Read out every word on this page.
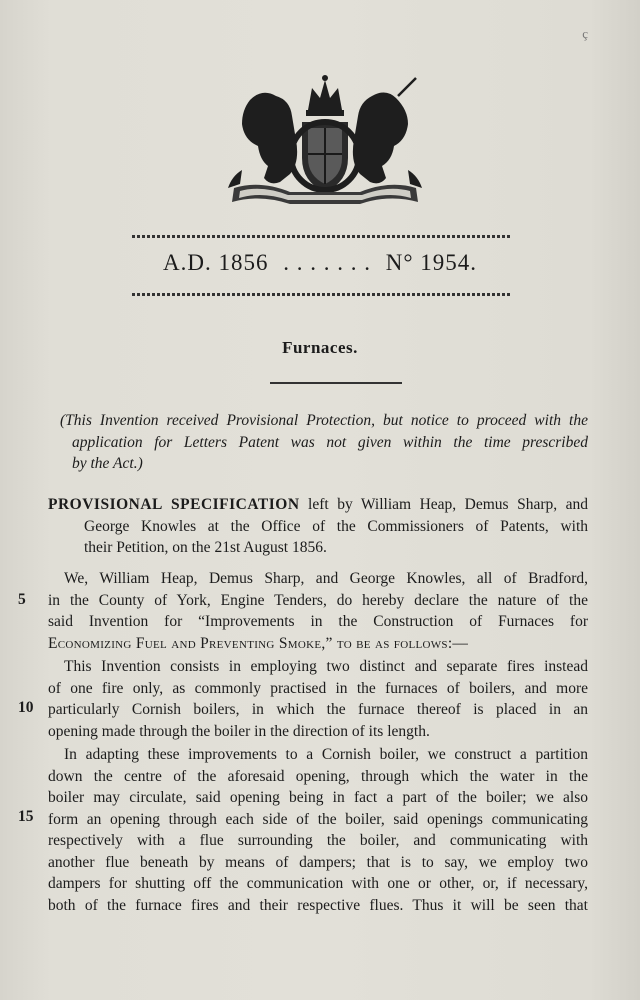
ç
A.D. 1856 . . . . . . . N° 1954.
Furnaces.
(This Invention received Provisional Protection, but notice to proceed with the
application for Letters Patent was not given within the time prescribed
by the Act.)
PROVISIONAL SPECIFICATION left by William Heap, Demus Sharp, and
George Knowles at the Office of the Commissioners of Patents, with
their Petition, on the 21st August 1856.
We, William Heap, Demus Sharp, and George Knowles, all of Bradford,
in the County of York, Engine Tenders, do hereby declare the nature of the
said Invention for “Improvements in the Construction of Furnaces for
Economizing Fuel and Preventing Smoke,” to be as follows:—
This Invention consists in employing two distinct and separate fires instead
of one fire only, as commonly practised in the furnaces of boilers, and more
particularly Cornish boilers, in which the furnace thereof is placed in an
opening made through the boiler in the direction of its length.
In adapting these improvements to a Cornish boiler, we construct a partition
down the centre of the aforesaid opening, through which the water in the
boiler may circulate, said opening being in fact a part of the boiler; we also
form an opening through each side of the boiler, said openings communicating
respectively with a flue surrounding the boiler, and communicating with
another flue beneath by means of dampers; that is to say, we employ two
dampers for shutting off the communication with one or other, or, if necessary,
both of the furnace fires and their respective flues. Thus it will be seen that
5
10
15
